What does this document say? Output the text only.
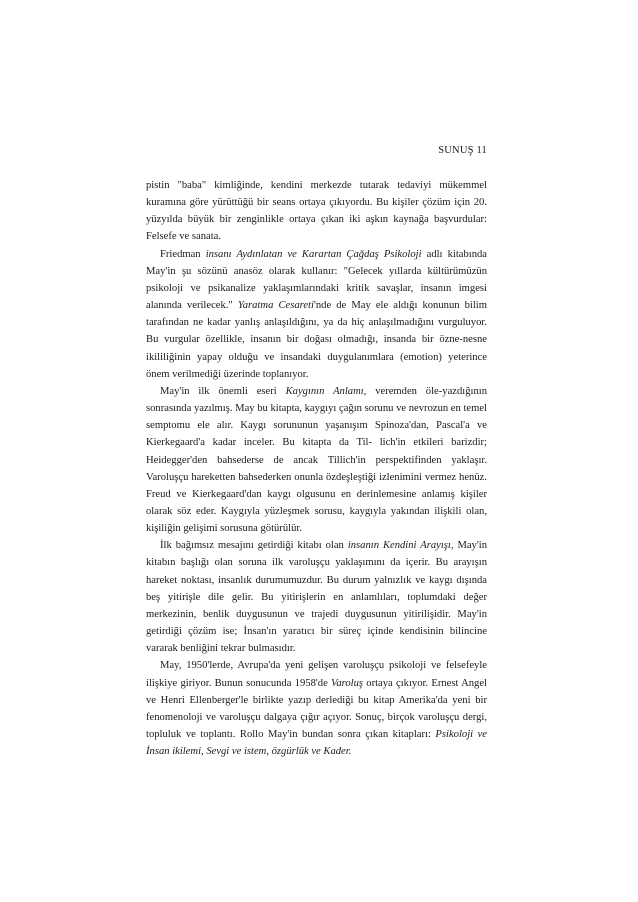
SUNUŞ 11

pistin "baba" kimliğinde, kendini merkezde tutarak tedaviyi mükemmel kuramına göre yürüttüğü bir seans ortaya çıkıyordu. Bu kişiler çözüm için 20. yüzyılda büyük bir zenginlikle ortaya çıkan iki aşkın kaynağa başvurdular: Felsefe ve sanata.

Friedman insanı Aydınlatan ve Karartan Çağdaş Psikoloji adlı kitabında May'in şu sözünü anasöz olarak kullanır: "Gelecek yıllarda kültürümüzün psikoloji ve psikanalize yaklaşımlarındaki kritik savaşlar, insanın imgesi alanında verilecek." Yaratma Cesareti'nde de May ele aldığı konunun bilim tarafından ne kadar yanlış anlaşıldığını, ya da hiç anlaşılmadığını vurguluyor. Bu vurgular özellikle, insanın bir doğası olmadığı, insanda bir özne-nesne ikililiğinin yapay olduğu ve insandaki duygulanımlara (emotion) yeterince önem verilmediği üzerinde toplanıyor.

May'in ilk önemli eseri Kaygının Anlamı, veremden ölе-yazdığının sonrasında yazılmış. May bu kitapta, kaygıyı çağın sorunu ve nevrozun en temel semptomu ele alır. Kaygı sorununun yaşanışım Spinoza'dan, Pascal'a ve Kierkegaard'a kadar inceler. Bu kitapta da Til- lich'in etkileri barizdir; Heidegger'den bahsederse de ancak Tillich'in perspektifinden yaklaşır. Varoluşçu hareketten bahsederken onunla özdeşleştiği izlenimini vermez henüz. Freud ve Kierkegaard'dan kaygı olgusunu en derinlemesine anlamış kişiler olarak söz eder. Kaygıyla yüzleşmek sorusu, kaygıyla yakından ilişkili olan, kişiliğin gelişimi sorusuna götürülür.

İlk bağımsız mesajını getirdiği kitabı olan insanın Kendini Arayışı, May'in kitabın başlığı olan soruna ilk varoluşçu yaklaşımını da içerir. Bu arayışın hareket noktası, insanlık durumumuzdur. Bu durum yalnızlık ve kaygı dışında beş yitirişle dile gelir. Bu yitirişlerin en anlamlıları, toplumdaki değer merkezinin, benlik duygusunun ve trajedi duygusunun yitirilişidir. May'in getirdiği çözüm ise; İnsan'ın yaratıcı bir süreç içinde kendisinin bilincine vararak benliğini tekrar bulmasıdır.

May, 1950'lerde, Avrupa'da yeni gelişen varoluşçu psikoloji ve felsefeyle ilişkiye giriyor. Bunun sonucunda 1958'de Varoluş ortaya çıkıyor. Ernest Angel ve Henri Ellenberger'le birlikte yazıp derlediği bu kitap Amerika'da yeni bir fenomenoloji ve varoluşçu dalgaya çığır açıyor. Sonuç, birçok varoluşçu dergi, topluluk ve toplantı. Rollo May'in bundan sonra çıkan kitapları: Psikoloji ve İnsan ikilemi, Sevgi ve istem, özgürlük ve Kader.
